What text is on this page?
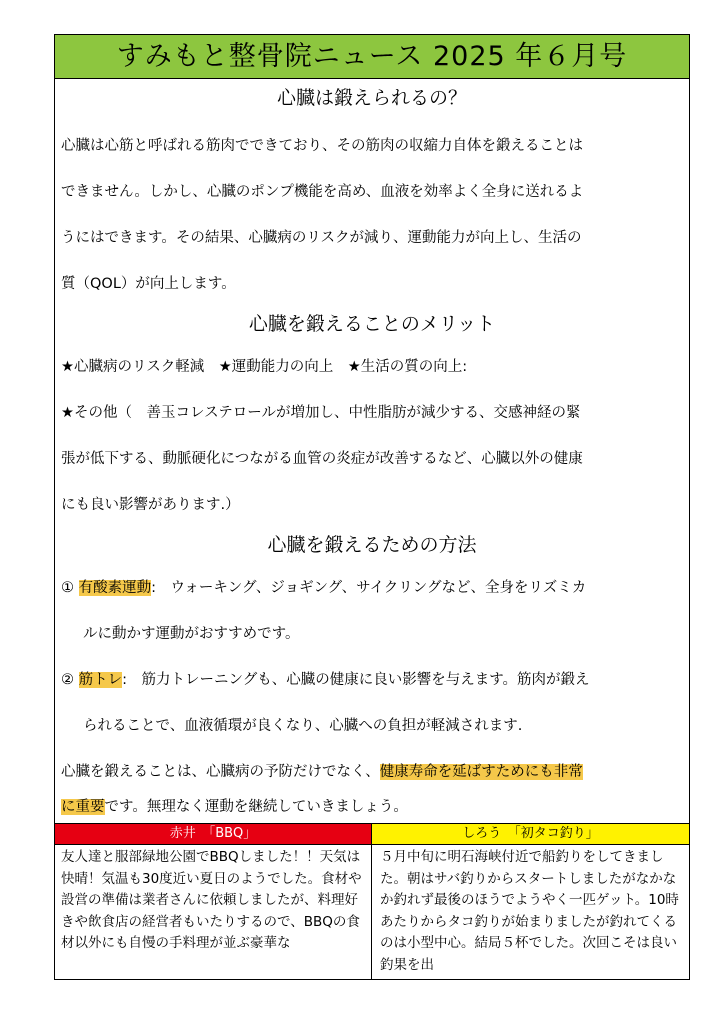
すみもと整骨院ニュース 2025 年６月号
心臓は鍛えられるの？
心臓は心筋と呼ばれる筋肉でできており、その筋肉の収縮力自体を鍛えることは
できません。しかし、心臓のポンプ機能を高め、血液を効率よく全身に送れるよ
うにはできます。その結果、心臓病のリスクが減り、運動能力が向上し、生活の
質（QOL）が向上します。
心臓を鍛えることのメリット
★心臓病のリスク軽減　★運動能力の向上　★生活の質の向上:
★その他（　善玉コレステロールが増加し、中性脂肪が減少する、交感神経の緊
張が低下する、動脈硬化につながる血管の炎症が改善するなど、心臓以外の健康
にも良い影響があります.）
心臓を鍛えるための方法
① 有酸素運動:　ウォーキング、ジョギング、サイクリングなど、全身をリズミカ
ルに動かす運動がおすすめです。
② 筋トレ:　筋力トレーニングも、心臓の健康に良い影響を与えます。筋肉が鍛え
られることで、血液循環が良くなり、心臓への負担が軽減されます.
心臓を鍛えることは、心臓病の予防だけでなく、健康寿命を延ばすためにも非常
に重要です。無理なく運動を継続していきましょう。
赤井　「BBQ」
友人達と服部緑地公園でBBQしました！！天気は快晴！気温も30度近い夏日のようでした。食材や設営の準備は業者さんに依頼しましたが、料理好きや飲食店の経営者もいたりするので、BBQの食材以外にも自慢の手料理が並ぶ豪華な
しろう　「初タコ釣り」
５月中旬に明石海峡付近で船釣りをしてきました。朝はサバ釣りからスタートしましたがなかなか釣れず最後のほうでようやく一匹ゲット。10時あたりからタコ釣りが始まりましたが釣れてくるのは小型中心。結局５杯でした。次回こそは良い釣果を出
